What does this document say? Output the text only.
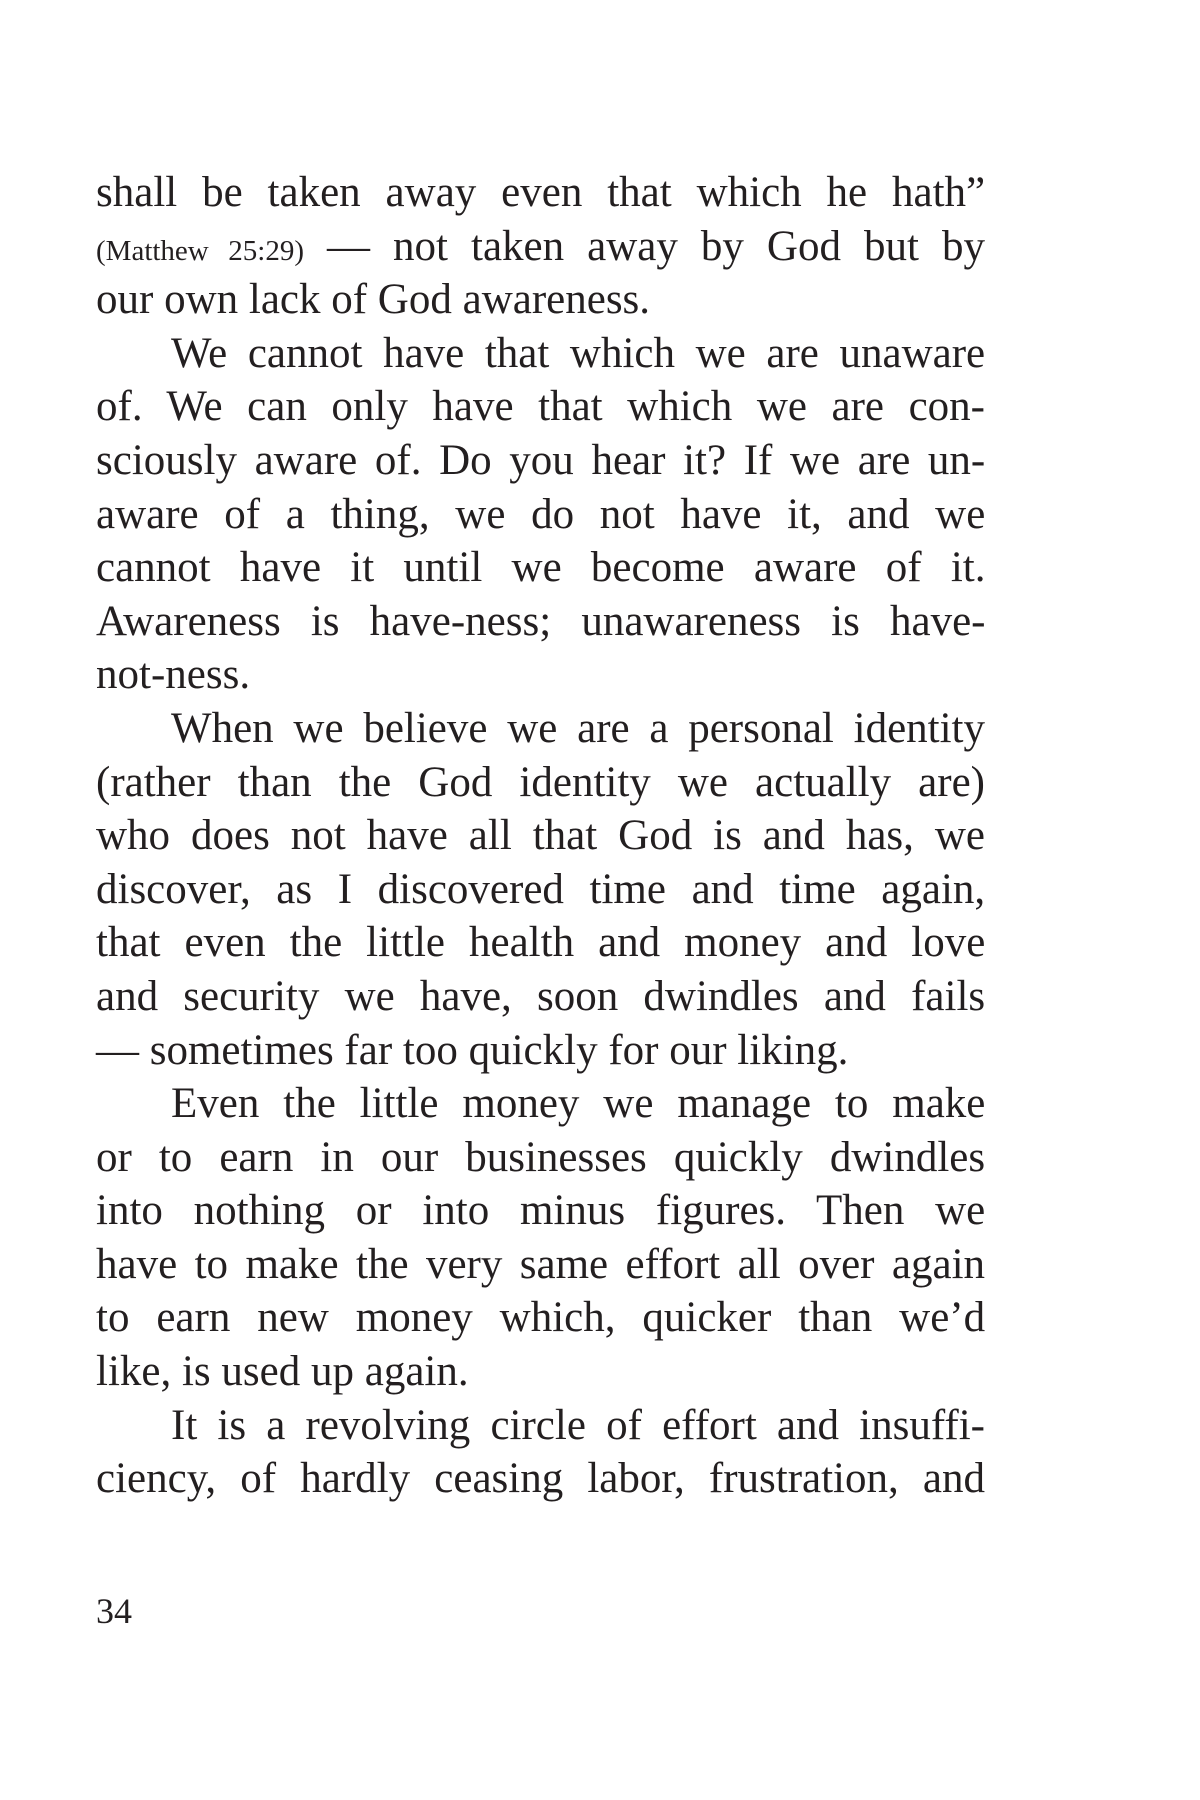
shall be taken away even that which he hath”
(Matthew 25:29) — not taken away by God but by
our own lack of God awareness.
We cannot have that which we are unaware
of. We can only have that which we are con-
sciously aware of. Do you hear it? If we are un-
aware of a thing, we do not have it, and we
cannot have it until we become aware of it.
Awareness is have-ness; unawareness is have-
not-ness.
When we believe we are a personal identity
(rather than the God identity we actually are)
who does not have all that God is and has, we
discover, as I discovered time and time again,
that even the little health and money and love
and security we have, soon dwindles and fails
— sometimes far too quickly for our liking.
Even the little money we manage to make
or to earn in our businesses quickly dwindles
into nothing or into minus figures. Then we
have to make the very same effort all over again
to earn new money which, quicker than we’d
like, is used up again.
It is a revolving circle of effort and insuffi-
ciency, of hardly ceasing labor, frustration, and
34
